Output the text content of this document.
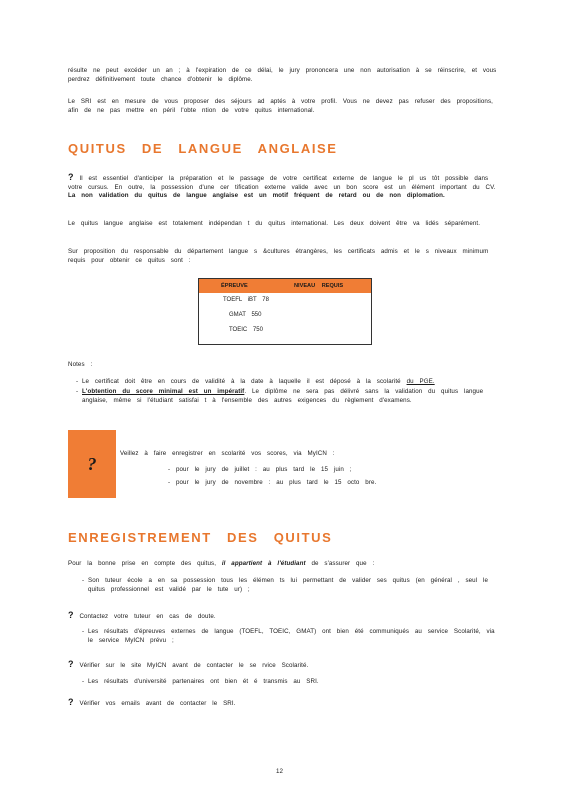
résulte ne peut excéder un an ; à l'expiration de ce délai, le jury prononcera une non autorisation à se réinscrire, et vous perdrez définitivement toute chance d'obtenir le diplôme.
Le SRI est en mesure de vous proposer des séjours ad aptés à votre profil. Vous ne devez pas refuser des propositions, afin de ne pas mettre en péril l'obte ntion de votre quitus international.
QUITUS DE LANGUE ANGLAISE
? Il est essentiel d'anticiper la préparation et le passage de votre certificat externe de langue le pl us tôt possible dans votre cursus. En outre, la possession d'une cer tification externe valide avec un bon score est un élément important du CV. La non validation du quitus de langue anglaise est un motif fréquent de retard ou de non diplomation.
Le quitus langue anglaise est totalement indépendan t du quitus international. Les deux doivent être va lidés séparément.
Sur proposition du responsable du département langue s &cultures étrangères, les certificats admis et le s niveaux minimum requis pour obtenir ce quitus sont :
ÉPREUVE	NIVEAU REQUIS
TOEFL iBT 78
GMAT 550
TOEIC 750
Notes :
- Le certificat doit être en cours de validité à la date à laquelle il est déposé à la scolarité du PGE.
- L'obtention du score minimal est un impératif. Le diplôme ne sera pas délivré sans la validation du quitus langue anglaise, même si l'étudiant satisfai t à l'ensemble des autres exigences du règlement d'examens.
?
Veillez à faire enregistrer en scolarité vos scores, via MyICN :
- pour le jury de juillet : au plus tard le 15 juin ;
- pour le jury de novembre : au plus tard le 15 octo bre.
ENREGISTREMENT DES QUITUS
Pour la bonne prise en compte des quitus, il appartient à l'étudiant de s'assurer que :
- Son tuteur école a en sa possession tous les élémen ts lui permettant de valider ses quitus (en général , seul le quitus professionnel est validé par le tute ur) ;
? Contactez votre tuteur en cas de doute.
- Les résultats d'épreuves externes de langue (TOEFL, TOEIC, GMAT) ont bien été communiqués au service Scolarité, via le service MyICN prévu ;
? Vérifier sur le site MyICN avant de contacter le se rvice Scolarité.
- Les résultats d'université partenaires ont bien ét é transmis au SRI.
? Vérifier vos emails avant de contacter le SRI.
12
